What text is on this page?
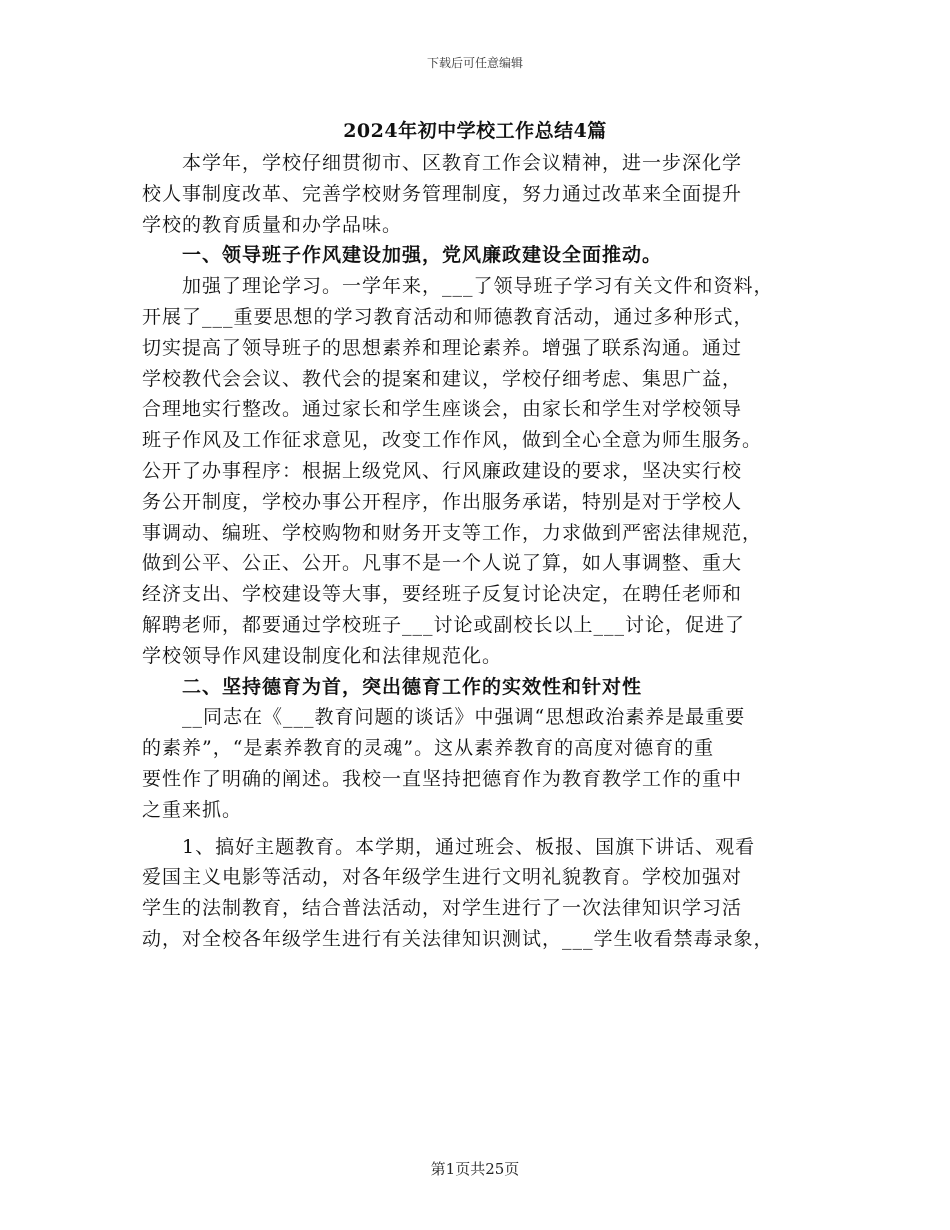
下载后可任意编辑
2024年初中学校工作总结4篇
本学年，学校仔细贯彻市、区教育工作会议精神，进一步深化学
校人事制度改革、完善学校财务管理制度，努力通过改革来全面提升
学校的教育质量和办学品味。
一、领导班子作风建设加强，党风廉政建设全面推动。
加强了理论学习。一学年来，___了领导班子学习有关文件和资料，
开展了___重要思想的学习教育活动和师德教育活动，通过多种形式，
切实提高了领导班子的思想素养和理论素养。增强了联系沟通。通过
学校教代会会议、教代会的提案和建议，学校仔细考虑、集思广益，
合理地实行整改。通过家长和学生座谈会，由家长和学生对学校领导
班子作风及工作征求意见，改变工作作风，做到全心全意为师生服务。
公开了办事程序：根据上级党风、行风廉政建设的要求，坚决实行校
务公开制度，学校办事公开程序，作出服务承诺，特别是对于学校人
事调动、编班、学校购物和财务开支等工作，力求做到严密法律规范，
做到公平、公正、公开。凡事不是一个人说了算，如人事调整、重大
经济支出、学校建设等大事，要经班子反复讨论决定，在聘任老师和
解聘老师，都要通过学校班子___讨论或副校长以上___讨论，促进了
学校领导作风建设制度化和法律规范化。
二、坚持德育为首，突出德育工作的实效性和针对性
__同志在《___教育问题的谈话》中强调“思想政治素养是最重要
的素养”，“是素养教育的灵魂”。这从素养教育的高度对德育的重
要性作了明确的阐述。我校一直坚持把德育作为教育教学工作的重中
之重来抓。
1、搞好主题教育。本学期，通过班会、板报、国旗下讲话、观看
爱国主义电影等活动，对各年级学生进行文明礼貌教育。学校加强对
学生的法制教育，结合普法活动，对学生进行了一次法律知识学习活
动，对全校各年级学生进行有关法律知识测试，___学生收看禁毒录象，
第1页共25页
